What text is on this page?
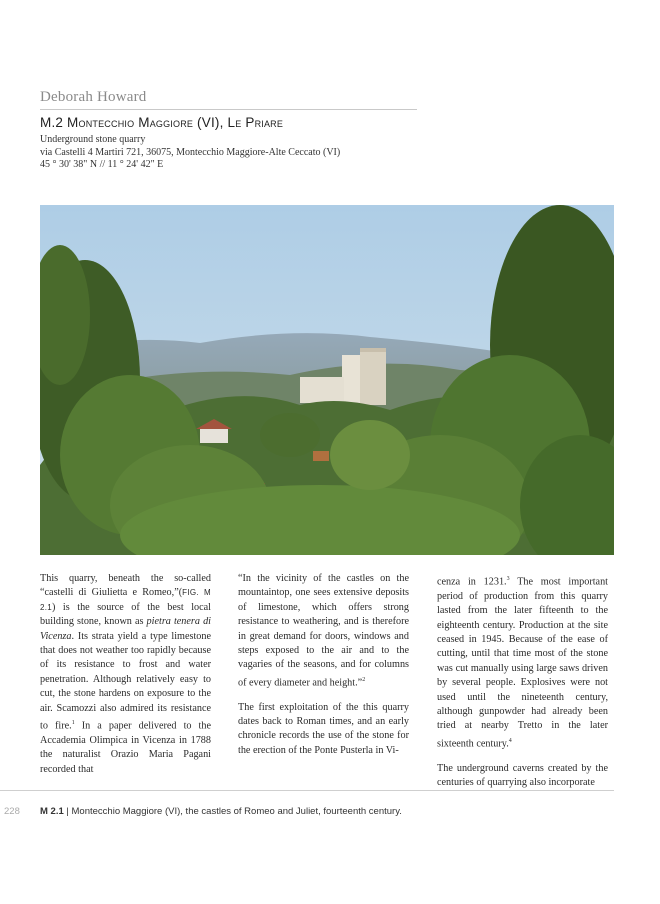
Deborah Howard
M.2 Montecchio Maggiore (VI), Le Priare
Underground stone quarry
via Castelli 4 Martiri 721, 36075, Montecchio Maggiore-Alte Ceccato (VI)
45 ° 30' 38" N // 11 ° 24' 42" E

This quarry, beneath the so-called “castelli di Giulietta e Romeo,”(FIG. M 2.1) is the source of the best local building stone, known as pietra tenera di Vicenza. Its strata yield a type limestone that does not weather too rapidly because of its resistance to frost and water penetration. Although relatively easy to cut, the stone hardens on exposure to the air. Scamozzi also admired its resistance to fire.$^1$ In a paper delivered to the Accademia Olimpica in Vicenza in 1788 the naturalist Orazio Maria Pagani recorded that

“In the vicinity of the castles on the mountaintop, one sees extensive deposits of limestone, which offers strong resistance to weathering, and is therefore in great demand for doors, windows and steps exposed to the air and to the vagaries of the seasons, and for columns of every diameter and height.”$^2$

The first exploitation of the this quarry dates back to Roman times, and an early chronicle records the use of the stone for the erection of the Ponte Pusterla in Vi-

cenza in 1231.$^3$ The most important period of production from this quarry lasted from the later fifteenth to the eighteenth century. Production at the site ceased in 1945. Because of the ease of cutting, until that time most of the stone was cut manually using large saws driven by several people. Explosives were not used until the nineteenth century, although gunpowder had already been tried at nearby Tretto in the later sixteenth century.$^4$

The underground caverns created by the centuries of quarrying also incorporate

228 M 2.1 | Montecchio Maggiore (VI), the castles of Romeo and Juliet, fourteenth century.
